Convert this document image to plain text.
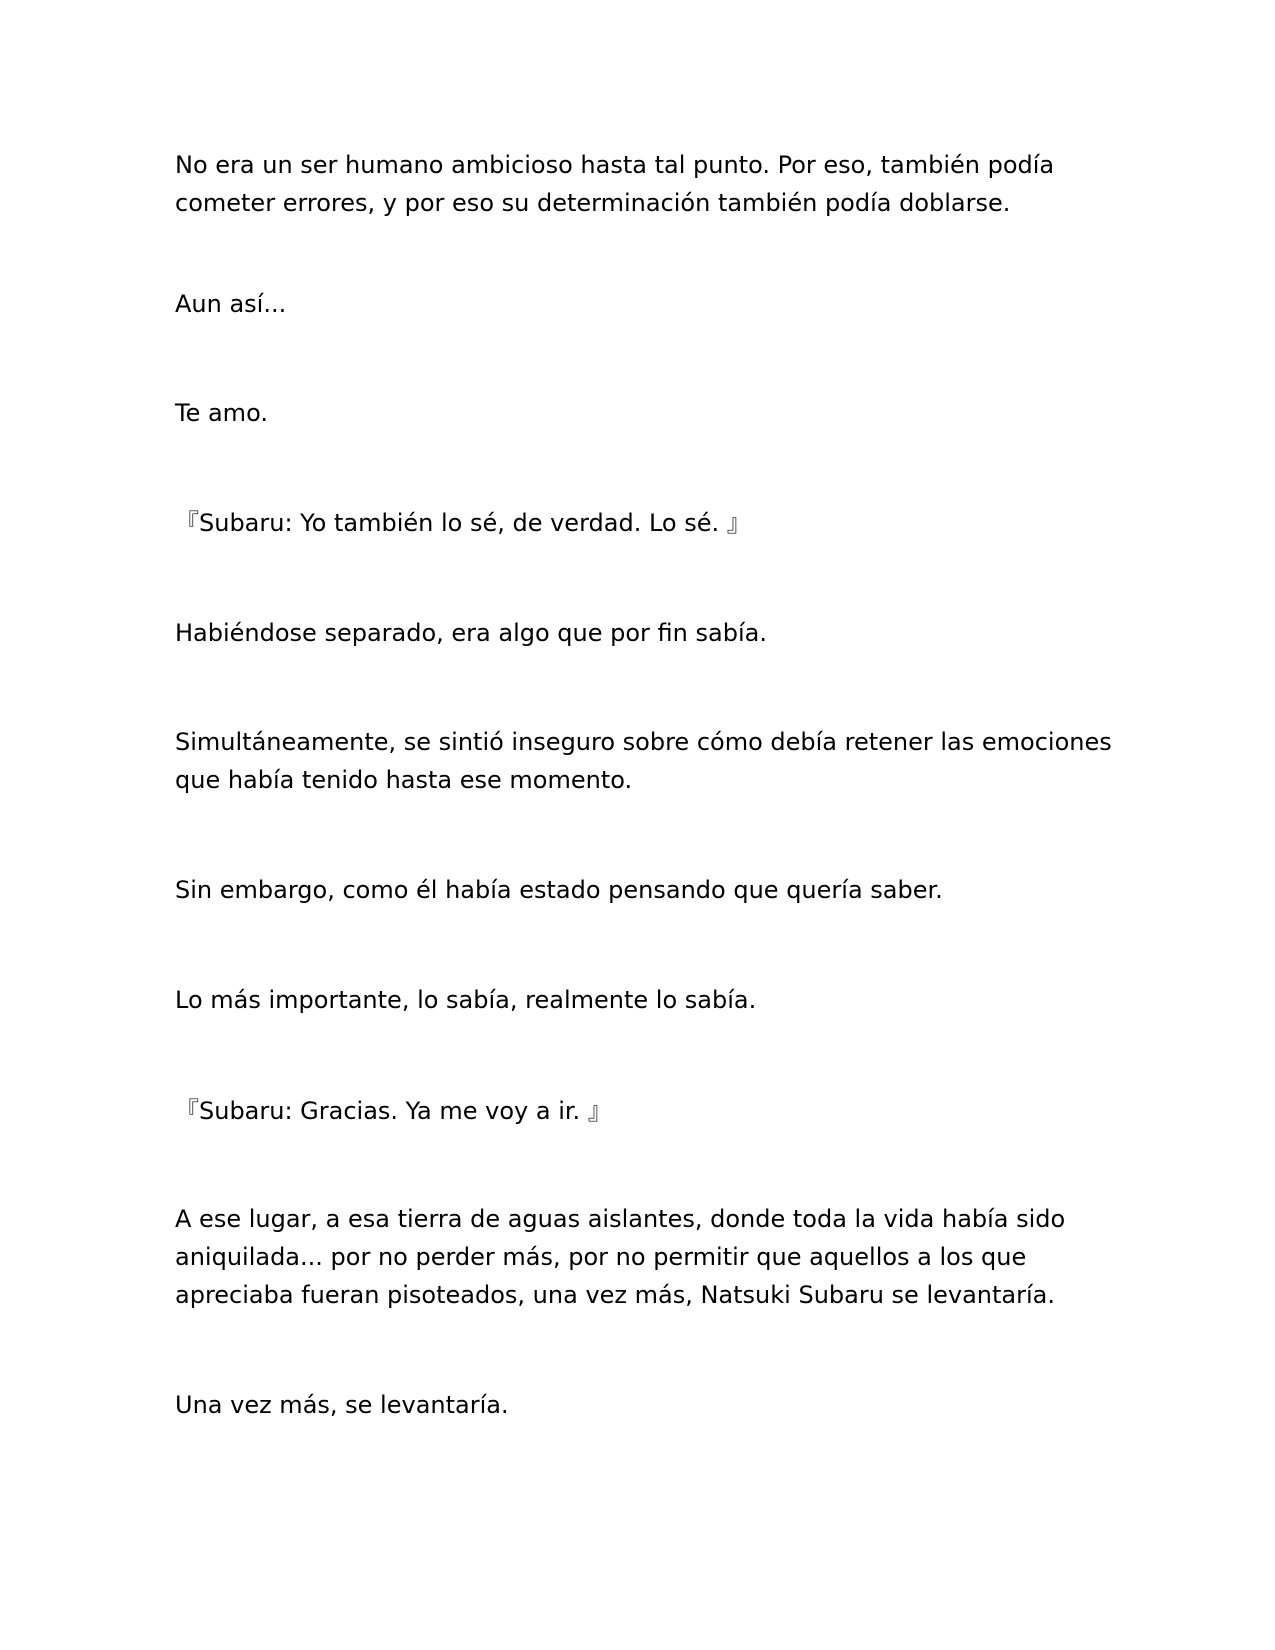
No era un ser humano ambicioso hasta tal punto. Por eso, también podía
cometer errores, y por eso su determinación también podía doblarse.

Aun así...

Te amo.

『Subaru: Yo también lo sé, de verdad. Lo sé. 』

Habiéndose separado, era algo que por fin sabía.

Simultáneamente, se sintió inseguro sobre cómo debía retener las emociones
que había tenido hasta ese momento.

Sin embargo, como él había estado pensando que quería saber.

Lo más importante, lo sabía, realmente lo sabía.

『Subaru: Gracias. Ya me voy a ir. 』

A ese lugar, a esa tierra de aguas aislantes, donde toda la vida había sido
aniquilada... por no perder más, por no permitir que aquellos a los que
apreciaba fueran pisoteados, una vez más, Natsuki Subaru se levantaría.

Una vez más, se levantaría.
